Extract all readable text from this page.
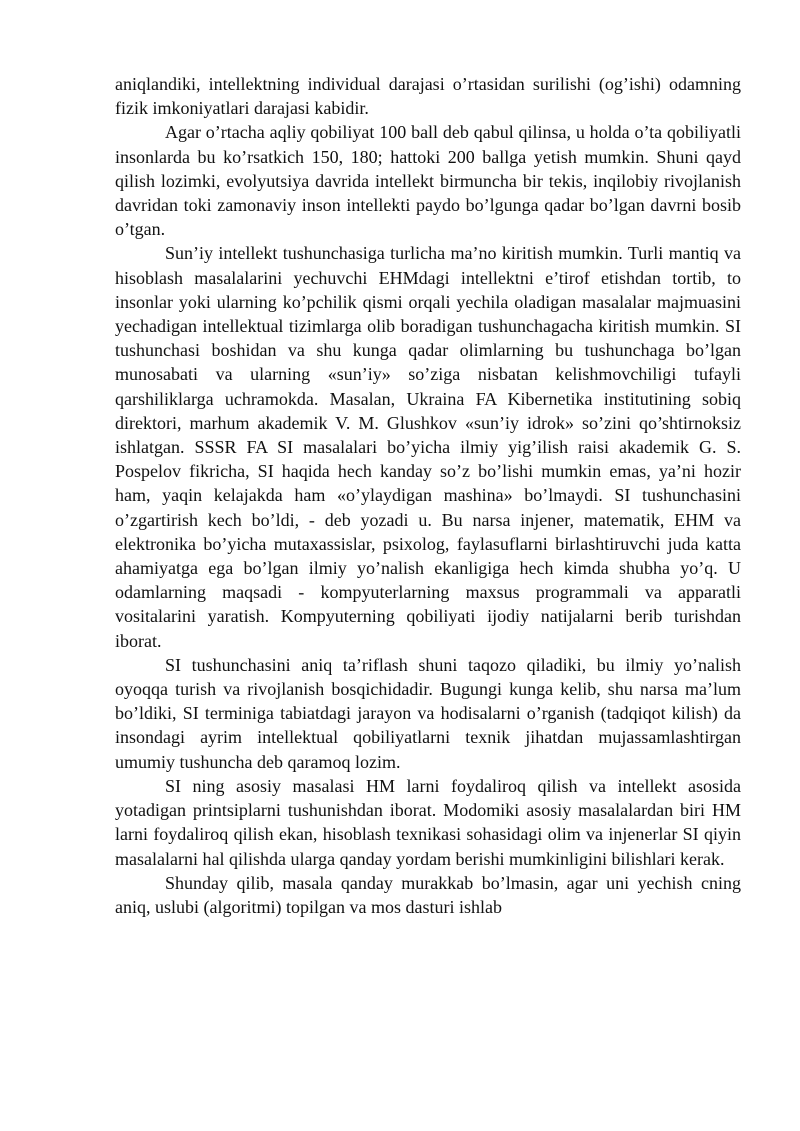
aniqlandiki, intellektning individual darajasi o’rtasidan surilishi (og’ishi) odamning fizik imkoniyatlari darajasi kabidir.

Agar o’rtacha aqliy qobiliyat 100 ball deb qabul qilinsa, u holda o’ta qobiliyatli insonlarda bu ko’rsatkich 150, 180; hattoki 200 ballga yetish mumkin. Shuni qayd qilish lozimki, evolyutsiya davrida intellekt birmuncha bir tekis, inqilobiy rivojlanish davridan toki zamonaviy inson intellekti paydo bo’lgunga qadar bo’lgan davrni bosib o’tgan.

Sun’iy intellekt tushunchasiga turlicha ma’no kiritish mumkin. Turli mantiq va hisoblash masalalarini yechuvchi EHMdagi intellektni e’tirof etishdan tortib, to insonlar yoki ularning ko’pchilik qismi orqali yechila oladigan masalalar majmuasini yechadigan intellektual tizimlarga olib boradigan tushunchagacha kiritish mumkin. SI tushunchasi boshidan va shu kunga qadar olimlarning bu tushunchaga bo’lgan munosabati va ularning «sun’iy» so’ziga nisbatan kelishmovchiligi tufayli qarshiliklarga uchramokda. Masalan, Ukraina FA Kibernetika institutining sobiq direktori, marhum akademik V. M. Glushkov «sun’iy idrok» so’zini qo’shtirnoksiz ishlatgan. SSSR FA SI masalalari bo’yicha ilmiy yig’ilish raisi akademik G. S. Pospelov fikricha, SI haqida hech kanday so’z bo’lishi mumkin emas, ya’ni hozir ham, yaqin kelajakda ham «o’ylaydigan mashina» bo’lmaydi. SI tushunchasini o’zgartirish kech bo’ldi, - deb yozadi u. Bu narsa injener, matematik, EHM va elektronika bo’yicha mutaxassislar, psixolog, faylasuflarni birlashtiruvchi juda katta ahamiyatga ega bo’lgan ilmiy yo’nalish ekanligiga hech kimda shubha yo’q. U odamlarning maqsadi - kompyuterlarning maxsus programmali va apparatli vositalarini yaratish. Kompyuterning qobiliyati ijodiy natijalarni berib turishdan iborat.

SI tushunchasini aniq ta’riflash shuni taqozo qiladiki, bu ilmiy yo’nalish oyoqqa turish va rivojlanish bosqichidadir. Bugungi kunga kelib, shu narsa ma’lum bo’ldiki, SI terminiga tabiatdagi jarayon va hodisalarni o’rganish (tadqiqot kilish) da insondagi ayrim intellektual qobiliyatlarni texnik jihatdan mujassamlashtirgan umumiy tushuncha deb qaramoq lozim.

SI ning asosiy masalasi HM larni foydaliroq qilish va intellekt asosida yotadigan printsiplarni tushunishdan iborat. Modomiki asosiy masalalardan biri HM larni foydaliroq qilish ekan, hisoblash texnikasi sohasidagi olim va injenerlar SI qiyin masalalarni hal qilishda ularga qanday yordam berishi mumkinligini bilishlari kerak.

Shunday qilib, masala qanday murakkab bo’lmasin, agar uni yechish cning aniq, uslubi (algoritmi) topilgan va mos dasturi ishlab
